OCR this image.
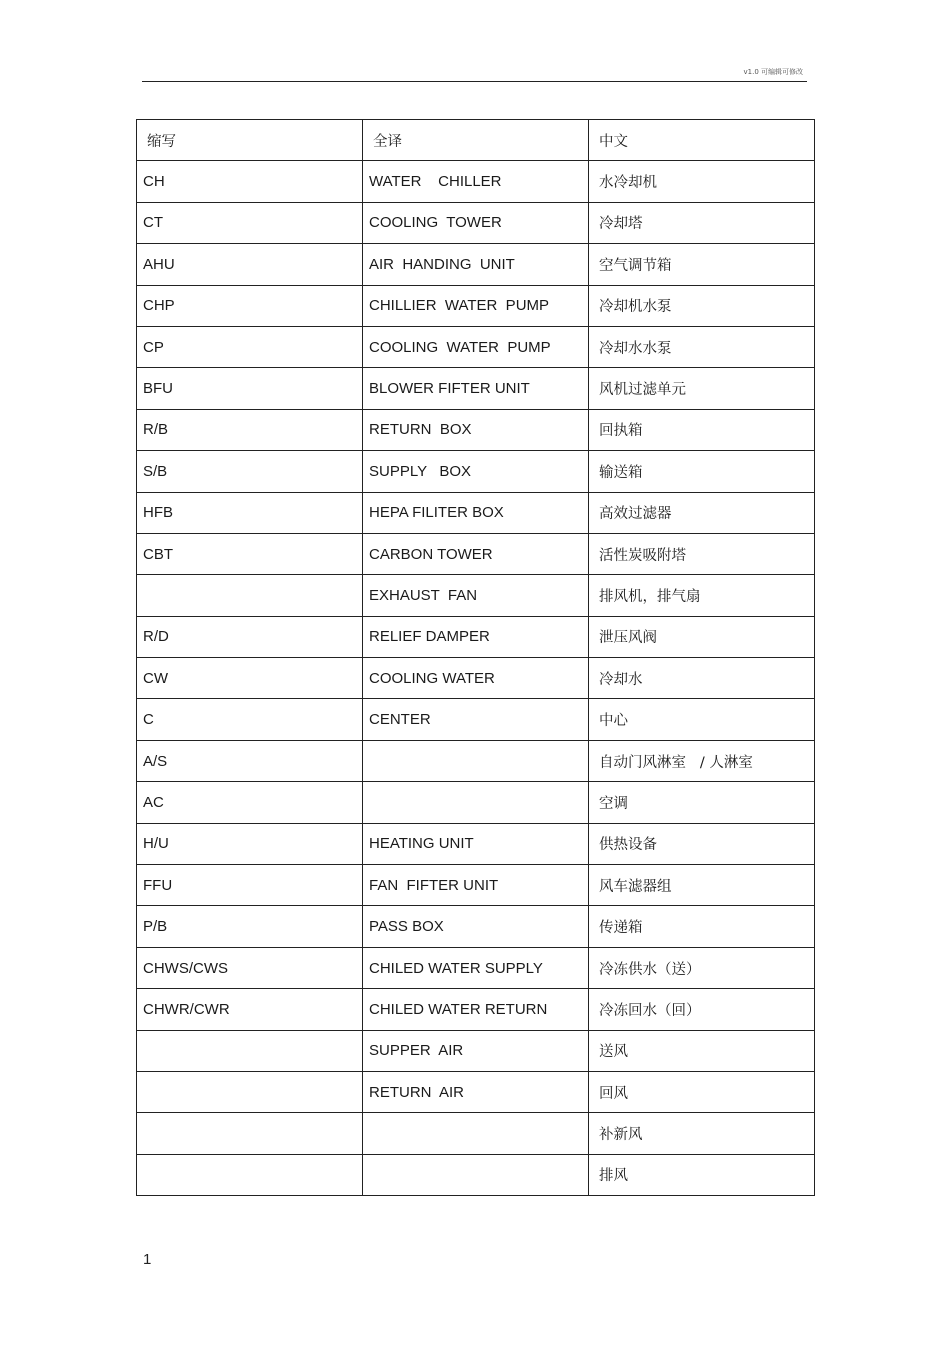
v1.0 可编辑可修改
缩写	全译	中文
CH	WATER    CHILLER	水冷却机
CT	COOLING  TOWER	冷却塔
AHU	AIR  HANDING  UNIT	空气调节箱
CHP	CHILLIER  WATER  PUMP	冷却机水泵
CP	COOLING  WATER  PUMP	冷却水水泵
BFU	BLOWER FIFTER UNIT	风机过滤单元
R/B	RETURN  BOX	回执箱
S/B	SUPPLY   BOX	输送箱
HFB	HEPA FILITER BOX	高效过滤器
CBT	CARBON TOWER	活性炭吸附塔
	EXHAUST  FAN	排风机，排气扇
R/D	RELIEF DAMPER	泄压风阀
CW	COOLING WATER	冷却水
C	CENTER	中心
A/S		自动门风淋室   / 人淋室
AC		空调
H/U	HEATING UNIT	供热设备
FFU	FAN  FIFTER UNIT	风车滤器组
P/B	PASS BOX	传递箱
CHWS/CWS	CHILED WATER SUPPLY	冷冻供水（送）
CHWR/CWR	CHILED WATER RETURN	冷冻回水（回）
	SUPPER  AIR	送风
	RETURN  AIR	回风
		补新风
		排风
1
